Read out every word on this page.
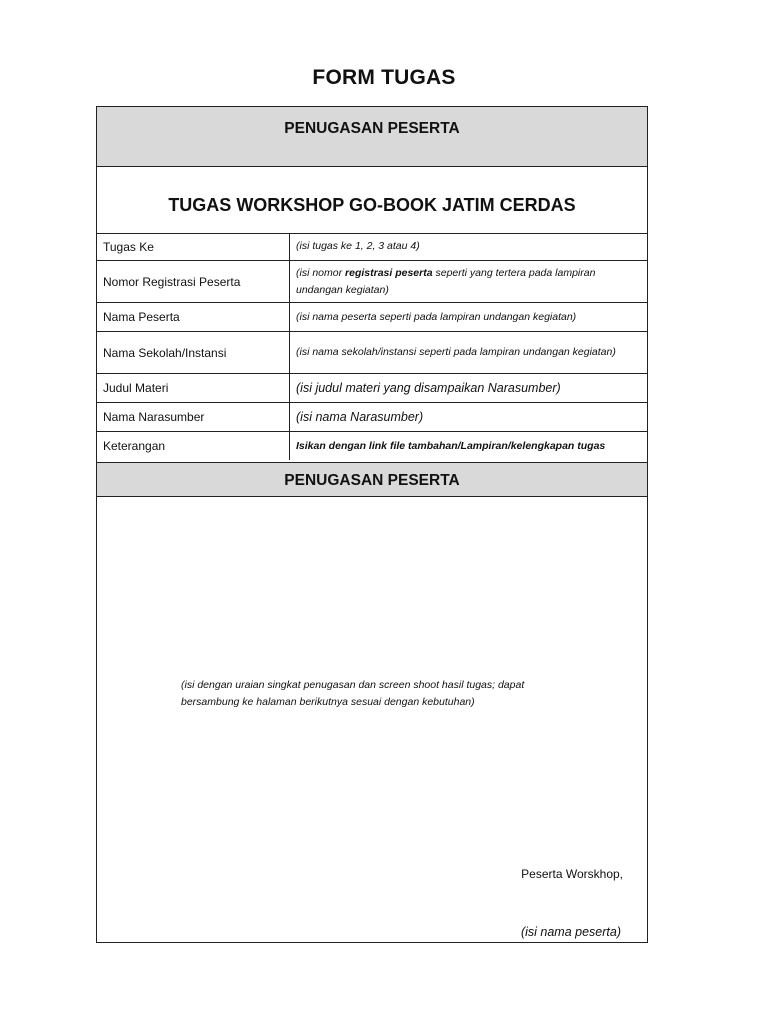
FORM TUGAS
PENUGASAN PESERTA
TUGAS WORKSHOP GO-BOOK JATIM CERDAS
Tugas Ke	(isi tugas ke 1, 2, 3 atau 4)
Nomor Registrasi Peserta	(isi nomor registrasi peserta seperti yang tertera pada lampiran undangan kegiatan)
Nama Peserta	(isi nama peserta seperti pada lampiran undangan kegiatan)
Nama Sekolah/Instansi	(isi nama sekolah/instansi seperti pada lampiran undangan kegiatan)
Judul Materi	(isi judul materi yang disampaikan Narasumber)
Nama Narasumber	(isi nama Narasumber)
Keterangan	Isikan dengan link file tambahan/Lampiran/kelengkapan tugas
PENUGASAN PESERTA
(isi dengan uraian singkat penugasan dan screen shoot hasil tugas; dapat bersambung ke halaman berikutnya sesuai dengan kebutuhan)
Peserta Worskhop,
(isi nama peserta)
